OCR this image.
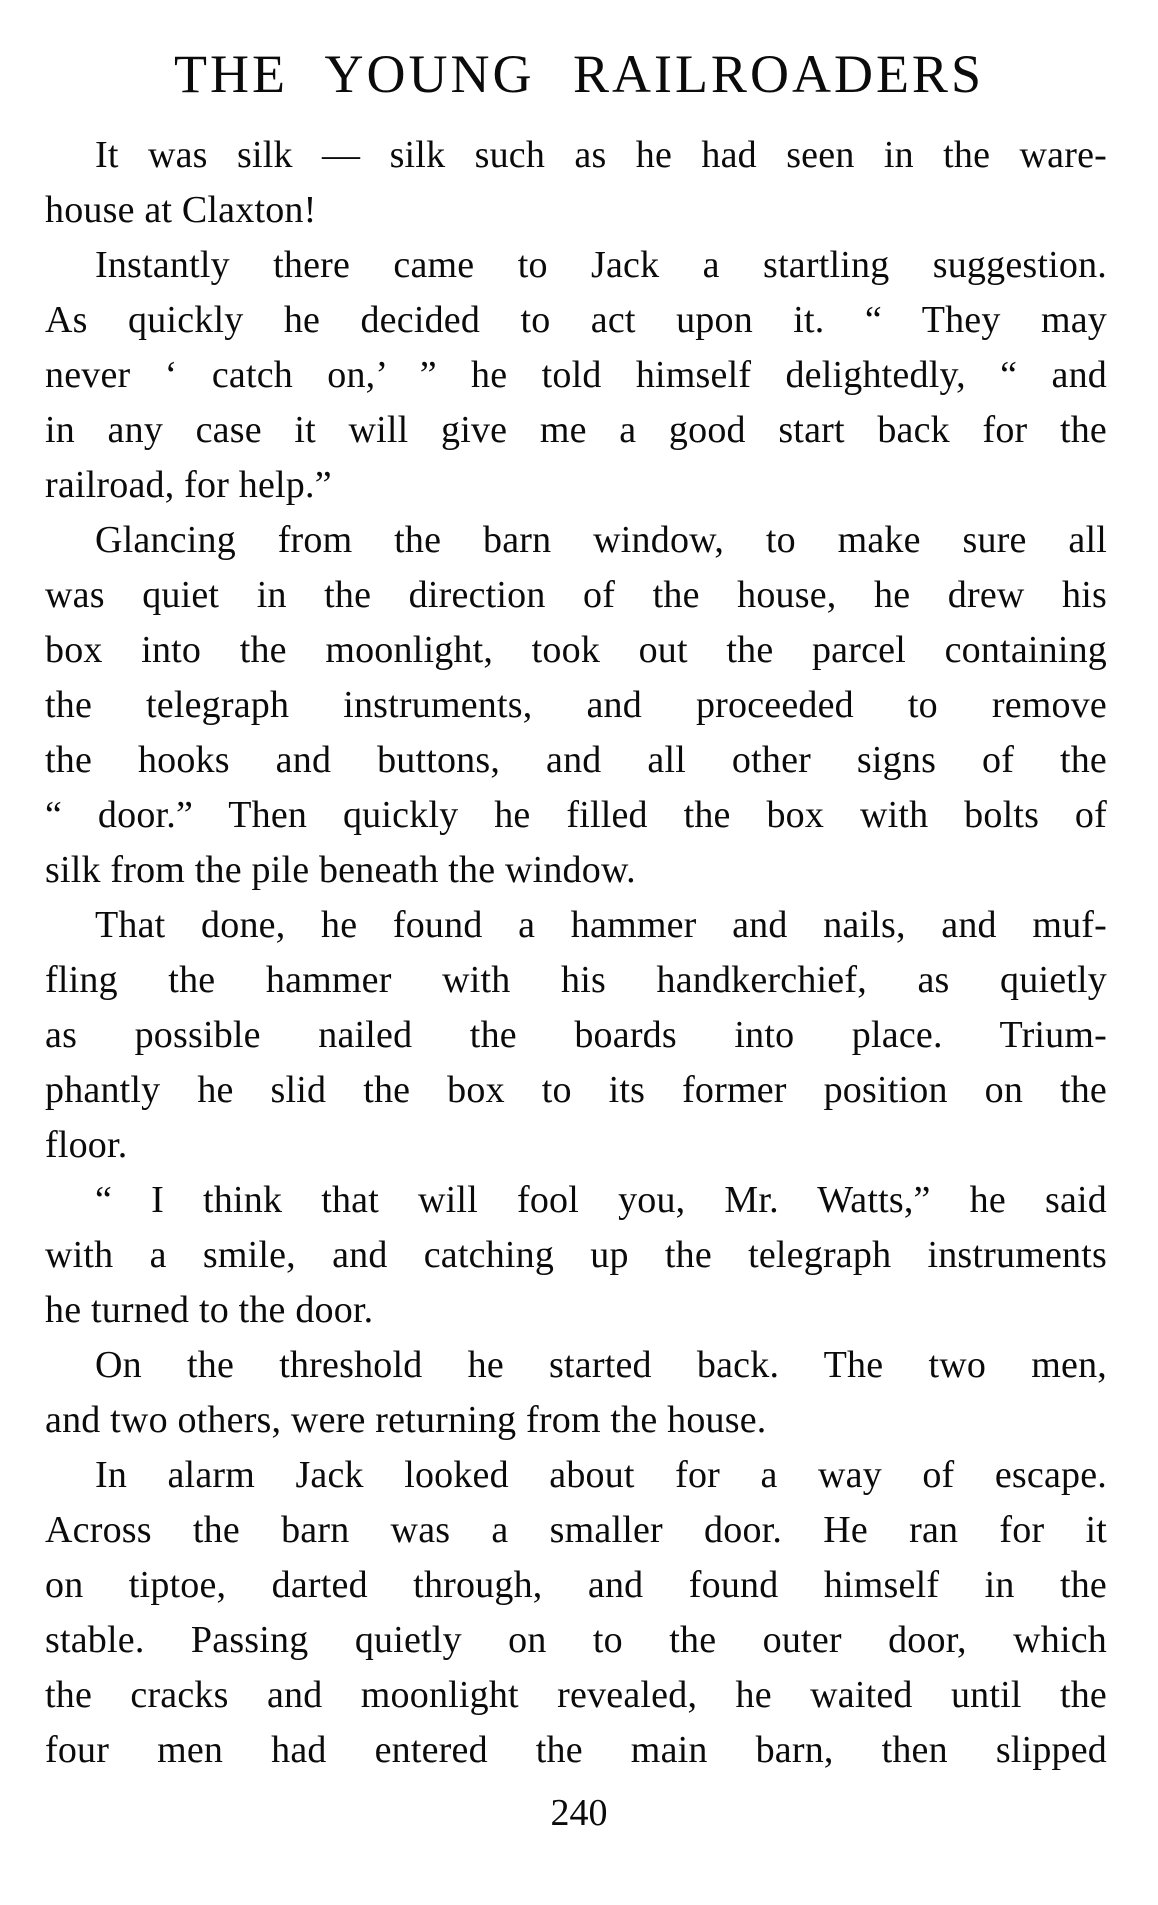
THE YOUNG RAILROADERS
It was silk — silk such as he had seen in the ware-
house at Claxton!
Instantly there came to Jack a startling suggestion.
As quickly he decided to act upon it. “ They may
never ‘ catch on,’ ” he told himself delightedly, “ and
in any case it will give me a good start back for the
railroad, for help.”
Glancing from the barn window, to make sure all
was quiet in the direction of the house, he drew his
box into the moonlight, took out the parcel containing
the telegraph instruments, and proceeded to remove
the hooks and buttons, and all other signs of the
“ door.” Then quickly he filled the box with bolts of
silk from the pile beneath the window.
That done, he found a hammer and nails, and muf-
fling the hammer with his handkerchief, as quietly
as possible nailed the boards into place. Trium-
phantly he slid the box to its former position on the
floor.
“ I think that will fool you, Mr. Watts,” he said
with a smile, and catching up the telegraph instruments
he turned to the door.
On the threshold he started back. The two men,
and two others, were returning from the house.
In alarm Jack looked about for a way of escape.
Across the barn was a smaller door. He ran for it
on tiptoe, darted through, and found himself in the
stable. Passing quietly on to the outer door, which
the cracks and moonlight revealed, he waited until the
four men had entered the main barn, then slipped
240
